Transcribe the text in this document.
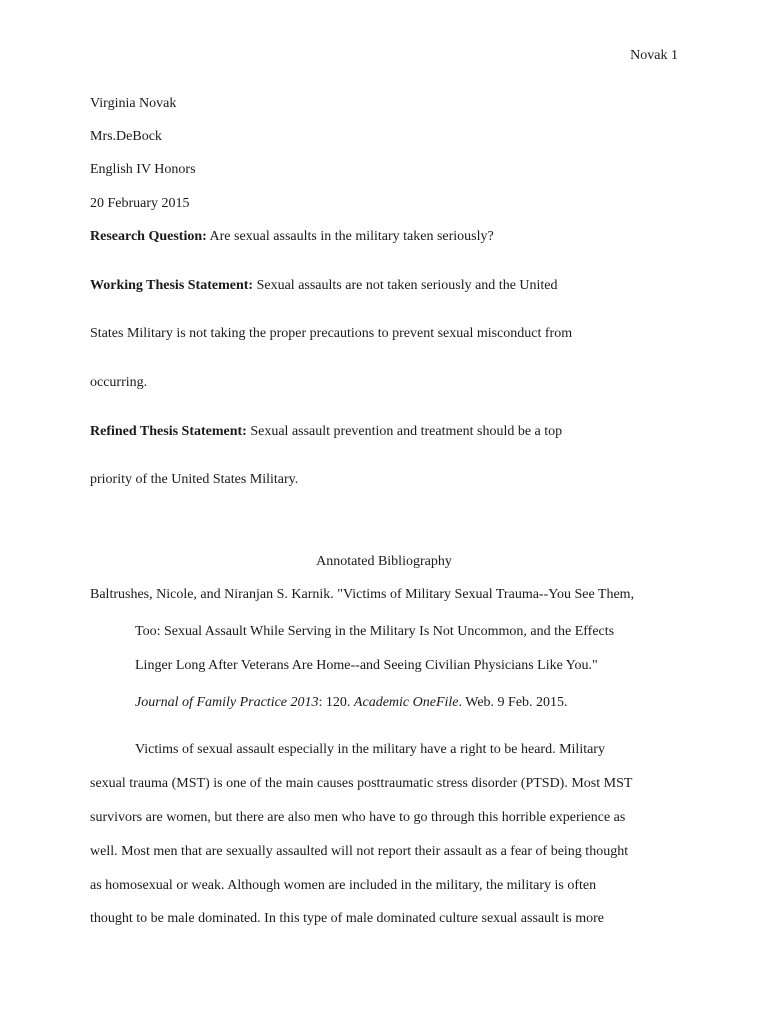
Novak 1
Virginia Novak
Mrs.DeBock
English IV Honors
20 February 2015
Research Question: Are sexual assaults in the military taken seriously?
Working Thesis Statement: Sexual assaults are not taken seriously and the United
States Military is not taking the proper precautions to prevent sexual misconduct from
occurring.
Refined Thesis Statement: Sexual assault prevention and treatment should be a top
priority of the United States Military.
Annotated Bibliography
Baltrushes, Nicole, and Niranjan S. Karnik. "Victims of Military Sexual Trauma--You See Them,
Too: Sexual Assault While Serving in the Military Is Not Uncommon, and the Effects
Linger Long After Veterans Are Home--and Seeing Civilian Physicians Like You."
Journal of Family Practice 2013: 120. Academic OneFile. Web. 9 Feb. 2015.
Victims of sexual assault especially in the military have a right to be heard. Military
sexual trauma (MST) is one of the main causes posttraumatic stress disorder (PTSD). Most MST
survivors are women, but there are also men who have to go through this horrible experience as
well. Most men that are sexually assaulted will not report their assault as a fear of being thought
as homosexual or weak. Although women are included in the military, the military is often
thought to be male dominated. In this type of male dominated culture sexual assault is more
